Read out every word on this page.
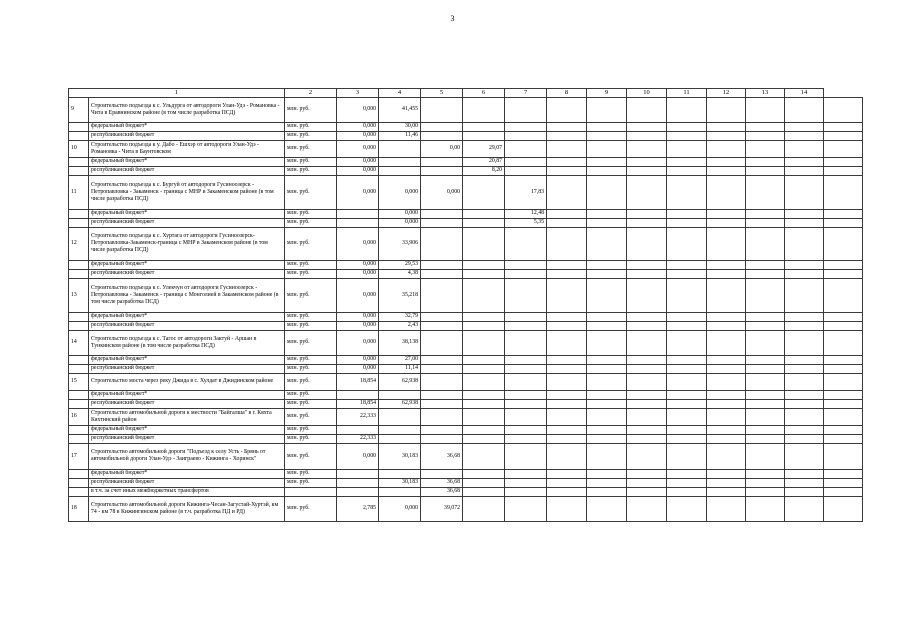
3
1		2	3	4	5	6	7	8	9	10	11	12	13	14	
9	Строительство подъезда к с. Ульдурга от автодороги Улан-Удэ - Романовка - Чита в Еравнинском районе (в том числе разработка ПСД)	млн. руб.	0,000	41,455											
	федеральный бюджет*	млн. руб.	0,000	30,00											
	республиканский бюджет	млн. руб.	0,000	11,46											
10	Строительство подъезда к у. Дабо - Ешхэр от автодороги Улан-Удэ - Романовка - Чита в Баунтовском	млн. руб.	0,000		0,00	29,07									
	федеральный бюджет*	млн. руб.	0,000			20,87									
	республиканский бюджет	млн. руб.	0,000			8,20									
11	Строительство подъезда к с. Бургуй от автодороги Гусиноозерск - Петропавловка - Закаменск - граница с МНР в Закаменском районе (в том числе разработка ПСД)	млн. руб.	0,000	0,000	0,000		17,83								
	федеральный бюджет*	млн. руб.		0,000			12,48								
	республиканский бюджет	млн. руб.		0,000			5,35								
12	Строительство подъезда к с. Хуртага от автодороги Гусиноозерск-Петропавловка-Закаменск-граница с МНР в Закаменском районе (в том числе разработка ПСД)	млн. руб.	0,000	33,906											
	федеральный бюджет*	млн. руб.	0,000	29,53											
	республиканский бюджет	млн. руб.	0,000	4,38											
13	Строительство подъезда к с. Улекчун от автодороги Гусиноозерск - Петропавловка - Закаменск - граница с Монголией в Закаменском районе (в том числе разработка ПСД)	млн. руб.	0,000	35,218											
	федеральный бюджет*	млн. руб.	0,000	32,79											
	республиканский бюджет	млн. руб.	0,000	2,43											
14	Строительство подъезда к с. Тагос от автодороги Зактуй - Аршан в Тункинском районе (в том числе разработка ПСД)	млн. руб.	0,000	38,138											
	федеральный бюджет*	млн. руб.	0,000	27,00											
	республиканский бюджет	млн. руб.	0,000	11,14											
15	Строительство моста через реку Джида в с. Хулдат в Джидинском районе	млн. руб.	18,854	62,938											
	федеральный бюджет*	млн. руб.													
	республиканский бюджет	млн. руб.	18,854	62,938											
16	Строительство автомобильной дороги к местности "Байгалша" в г. Кяхта Кяхтинский район	млн. руб.	22,333												
	федеральный бюджет*	млн. руб.													
	республиканский бюджет	млн. руб.	22,333												
17	Строительство автомобильной дороги "Подъезд к селу Усть - Брянь от автомобильной дороги Улан-Удэ - Заиграево - Кижинга - Хоринск"	млн. руб.	0,000	30,183	36,68										
	федеральный бюджет*	млн. руб.													
	республиканский бюджет	млн. руб.		30,183	36,68										
	в т.ч. за счет иных межбюджетных трансфертов				36,68										
18	Строительство автомобильной дороги Кижинга-Чесан-Загустай-Хуртэй, км 74 - км 78 в Кижингинском районе (в т.ч. разработка ПД и РД)	млн. руб.	2,785	0,000	39,072										
